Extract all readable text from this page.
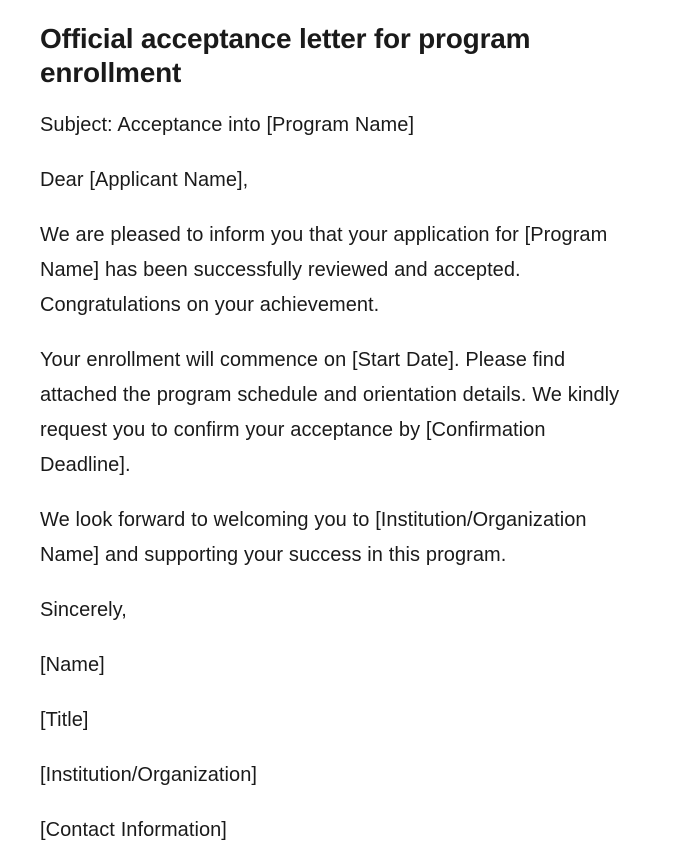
Official acceptance letter for program enrollment

Subject: Acceptance into [Program Name]

Dear [Applicant Name],

We are pleased to inform you that your application for [Program Name] has been successfully reviewed and accepted. Congratulations on your achievement.

Your enrollment will commence on [Start Date]. Please find attached the program schedule and orientation details. We kindly request you to confirm your acceptance by [Confirmation Deadline].

We look forward to welcoming you to [Institution/Organization Name] and supporting your success in this program.

Sincerely,

[Name]

[Title]

[Institution/Organization]

[Contact Information]
